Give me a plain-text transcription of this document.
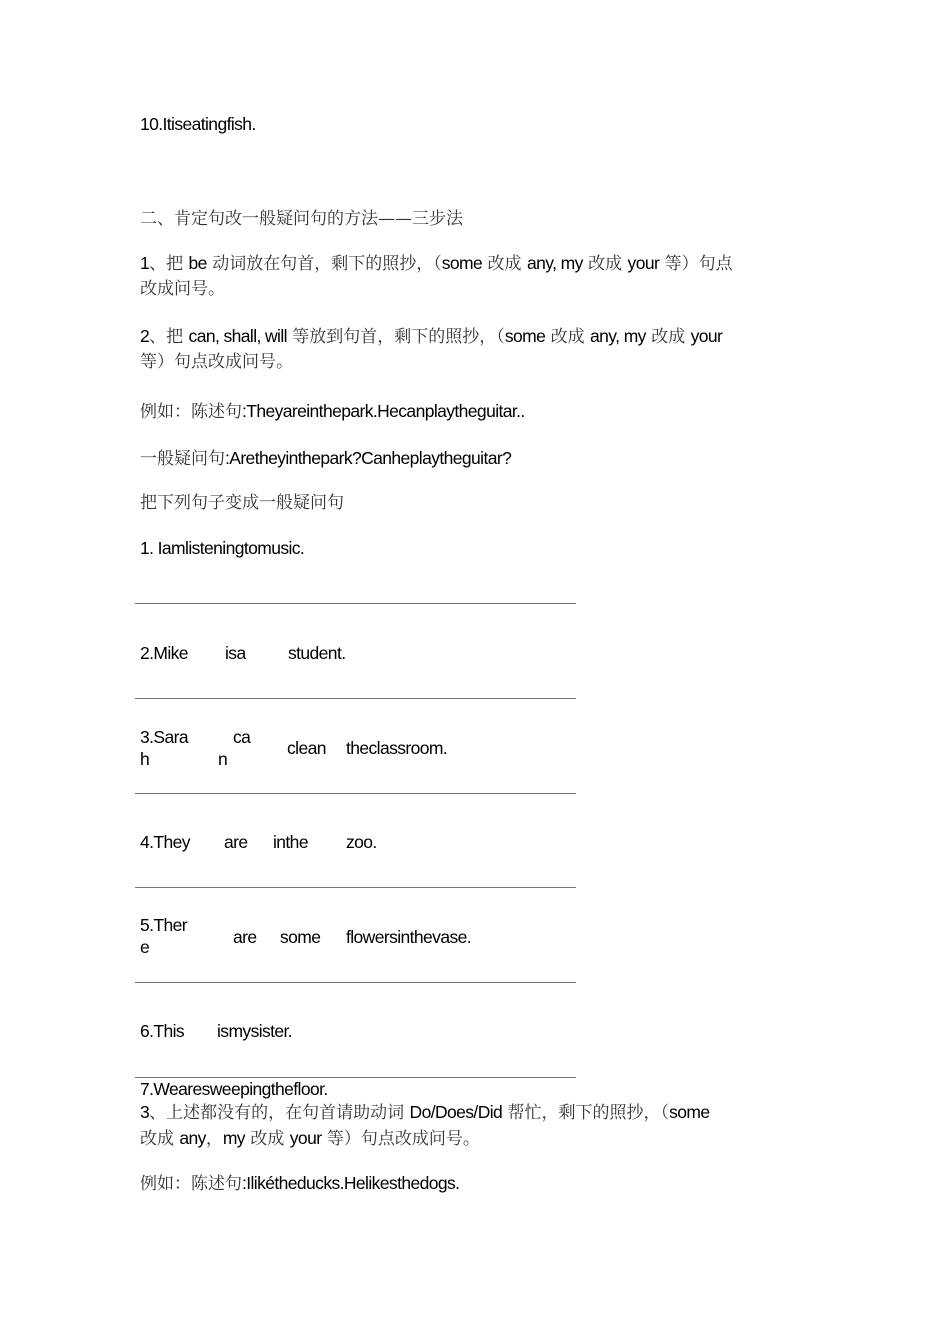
10.Itiseatingfish.
二、肯定句改一般疑问句的方法——三步法
1、把 be 动词放在句首，剩下的照抄，（some 改成 any, my 改成 your 等）句点
改成问号。
2、把 can, shall, will 等放到句首，剩下的照抄，（some 改成 any, my 改成 your
等）句点改成问号。
例如：陈述句:Theyareinthepark.Hecanplaytheguitar..
一般疑问句:Aretheyinthepark?Canheplaytheguitar?
把下列句子变成一般疑问句
1. Iamlisteningtomusic.
2.Mike isa student.
3.Sara
h
ca
n
clean theclassroom.
4.They are inthe zoo.
5.Ther
e	are some flowersinthevase.
6.This ismysister.
7.Wearesweepingthefloor.
3、上述都没有的，在句首请助动词 Do/Does/Did 帮忙，剩下的照抄，（some
改成 any，my 改成 your 等）句点改成问号。
例如：陈述句:Ilikétheducks.Helikesthedogs.
